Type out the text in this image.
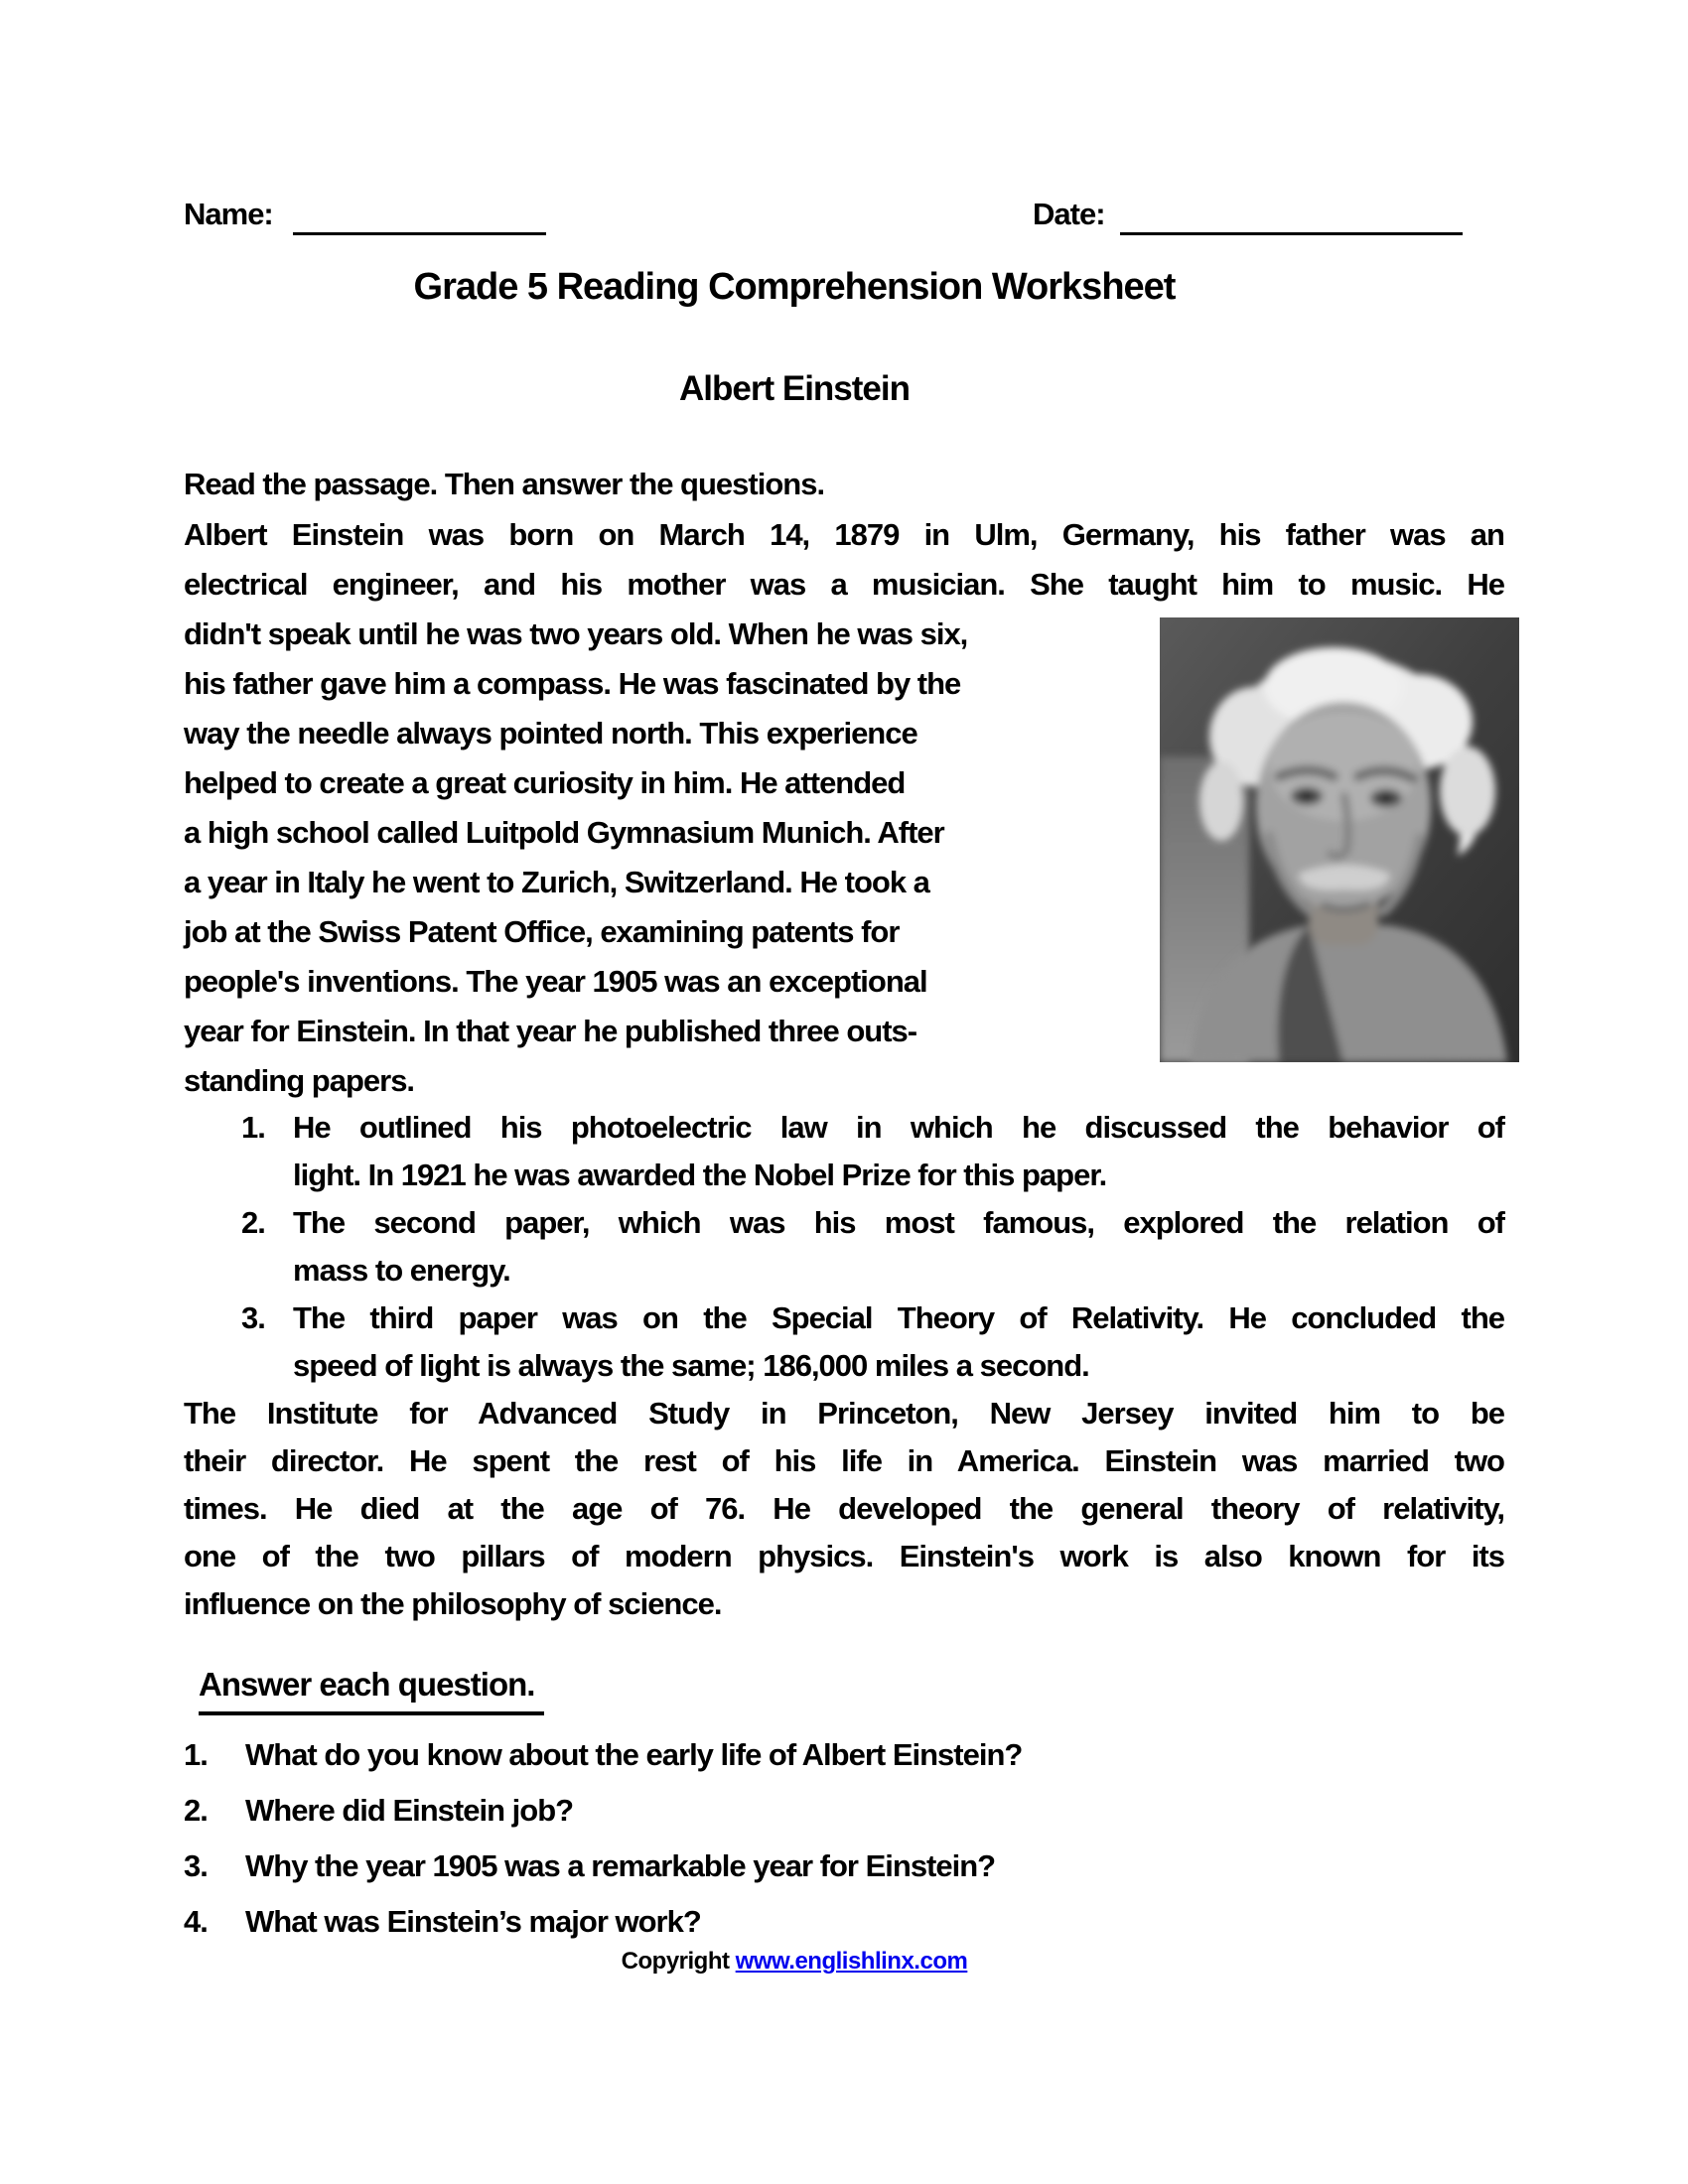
Name:	Date:
Grade 5 Reading Comprehension Worksheet
Albert Einstein
Read the passage. Then answer the questions.
Albert Einstein was born on March 14, 1879 in Ulm, Germany, his father was an
electrical engineer, and his mother was a musician. She taught him to music. He
didn't speak until he was two years old. When he was six,
his father gave him a compass. He was fascinated by the
way the needle always pointed north. This experience
helped to create a great curiosity in him. He attended
a high school called Luitpold Gymnasium Munich. After
a year in Italy he went to Zurich, Switzerland. He took a
job at the Swiss Patent Office, examining patents for
people's inventions. The year 1905 was an exceptional
year for Einstein. In that year he published three outs-
standing papers.
1. He outlined his photoelectric law in which he discussed the behavior of
light. In 1921 he was awarded the Nobel Prize for this paper.
2. The second paper, which was his most famous, explored the relation of
mass to energy.
3. The third paper was on the Special Theory of Relativity. He concluded the
speed of light is always the same; 186,000 miles a second.
The Institute for Advanced Study in Princeton, New Jersey invited him to be
their director. He spent the rest of his life in America. Einstein was married two
times. He died at the age of 76. He developed the general theory of relativity,
one of the two pillars of modern physics. Einstein's work is also known for its
influence on the philosophy of science.
Answer each question.
1.	What do you know about the early life of Albert Einstein?
2.	Where did Einstein job?
3.	Why the year 1905 was a remarkable year for Einstein?
4.	What was Einstein’s major work?
Copyright www.englishlinx.com
